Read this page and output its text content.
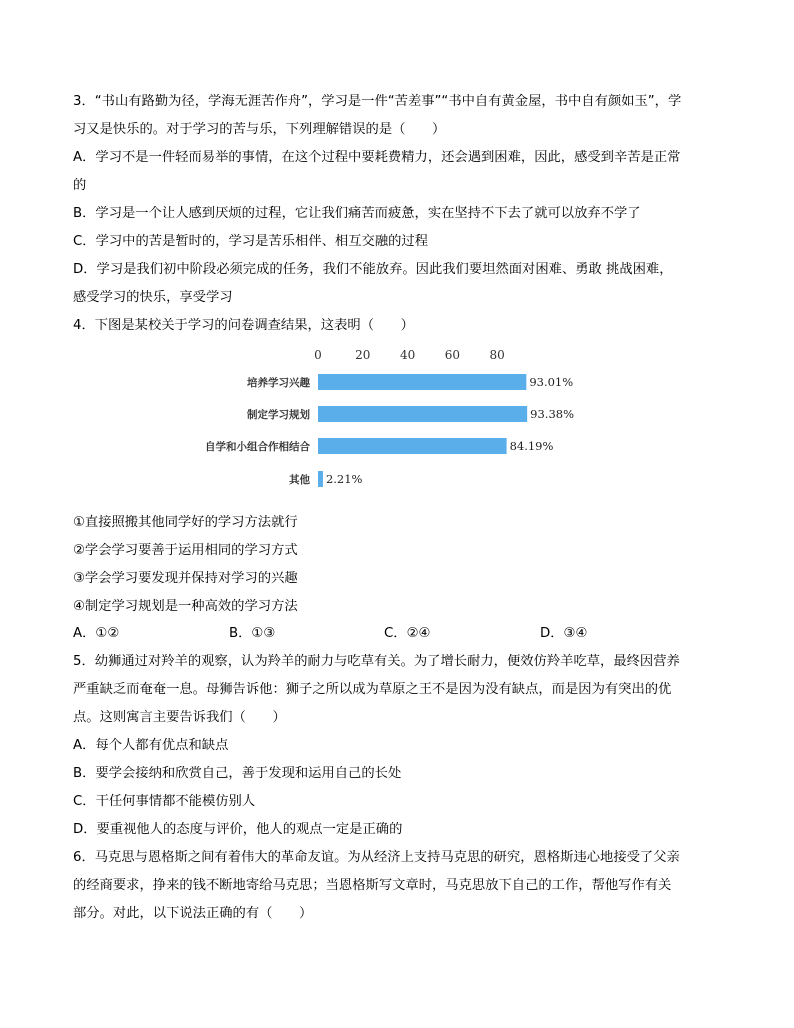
3．“书山有路勤为径，学海无涯苦作舟”，学习是一件“苦差事”“书中自有黄金屋，书中自有颜如玉”，学
习又是快乐的。对于学习的苦与乐，下列理解错误的是（　　）
A．学习不是一件轻而易举的事情，在这个过程中要耗费精力，还会遇到困难，因此，感受到辛苦是正常
的
B．学习是一个让人感到厌烦的过程，它让我们痛苦而疲惫，实在坚持不下去了就可以放弃不学了
C．学习中的苦是暂时的，学习是苦乐相伴、相互交融的过程
D．学习是我们初中阶段必须完成的任务，我们不能放弃。因此我们要坦然面对困难、勇敢 挑战困难，
感受学习的快乐，享受学习
4．下图是某校关于学习的问卷调查结果，这表明（　　）
0	20 40 60 80
培养学习兴趣
制定学习规划
自学和小组合作相结合
其他
93.01%
93.38%
84.19%
2.21%
①直接照搬其他同学好的学习方法就行
②学会学习要善于运用相同的学习方式
③学会学习要发现并保持对学习的兴趣
④制定学习规划是一种高效的学习方法
A．①②	B．①③	C．②④	D．③④
5．幼狮通过对羚羊的观察，认为羚羊的耐力与吃草有关。为了增长耐力，便效仿羚羊吃草，最终因营养
严重缺乏而奄奄一息。母狮告诉他：狮子之所以成为草原之王不是因为没有缺点，而是因为有突出的优
点。这则寓言主要告诉我们（　　）
A．每个人都有优点和缺点
B．要学会接纳和欣赏自己，善于发现和运用自己的长处
C．干任何事情都不能模仿别人
D．要重视他人的态度与评价，他人的观点一定是正确的
6．马克思与恩格斯之间有着伟大的革命友谊。为从经济上支持马克思的研究，恩格斯违心地接受了父亲
的经商要求，挣来的钱不断地寄给马克思；当恩格斯写文章时，马克思放下自己的工作，帮他写作有关
部分。对此，以下说法正确的有（　　）
